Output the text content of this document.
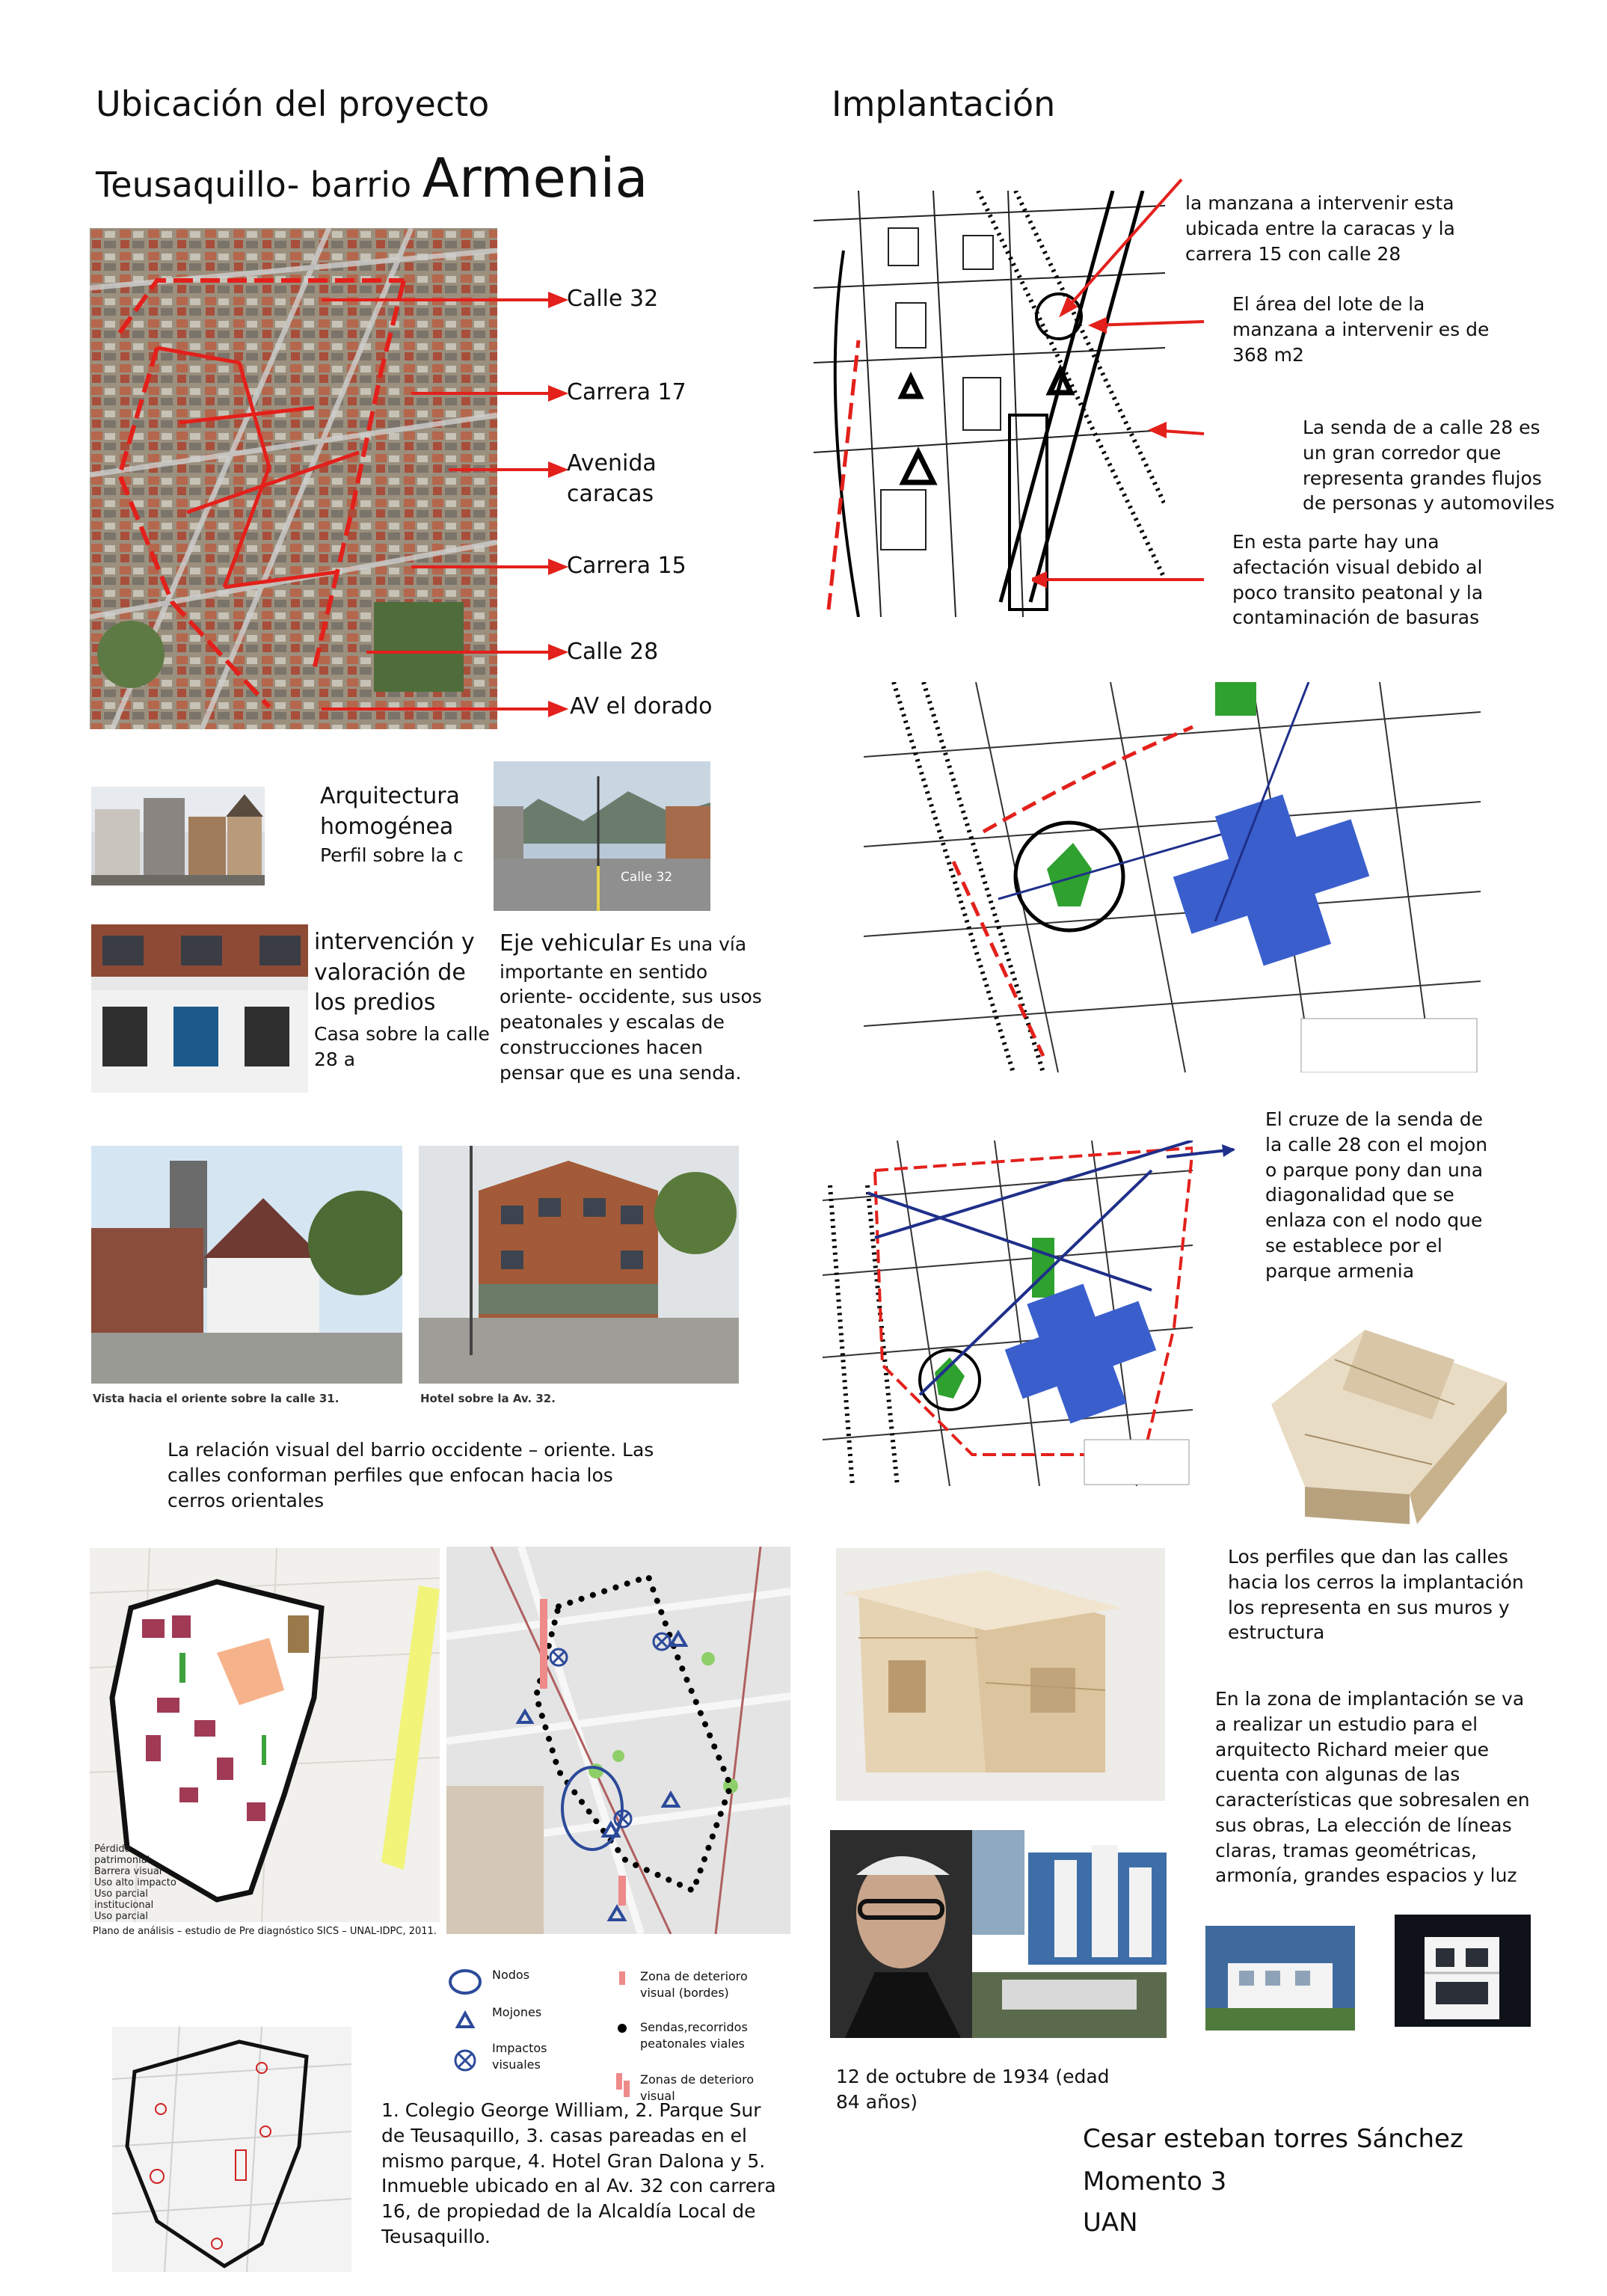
Ubicación del proyecto
Teusaquillo- barrio Armenia
Calle 32
Carrera 17
Avenida caracas
Carrera 15
Calle 28
AV el dorado
Arquitectura homogénea
Perfil sobre la c
Calle 32
intervención y valoración de los predios
Casa sobre la calle 28 a
Eje vehicular Es una vía importante en sentido oriente- occidente, sus usos peatonales y escalas de construcciones hacen pensar que es una senda.
Vista hacia el oriente sobre la calle 31.	Hotel sobre la Av. 32.
La relación visual del barrio occidente – oriente. Las calles conforman perfiles que enfocan hacia los cerros orientales
Pérdida patrimonial
Barrera visual
Uso alto impacto
Uso parcial institucional
Uso parcial
Plano de análisis – estudio de Pre diagnóstico SICS – UNAL-IDPC, 2011.
Nodos
Mojones
Impactos visuales
Zona de deterioro visual (bordes)
Sendas,recorridos peatonales viales
Zonas de deterioro visual
1. Colegio George William, 2. Parque Sur de Teusaquillo, 3. casas pareadas en el mismo parque, 4. Hotel Gran Dalona y 5. Inmueble ubicado en al Av. 32 con carrera 16, de propiedad de la Alcaldía Local de Teusaquillo.
Implantación
la manzana a intervenir esta ubicada entre la caracas y la carrera 15 con calle 28
El área del lote de la manzana a intervenir es de 368 m2
La senda de a calle 28 es un gran corredor que representa grandes flujos de personas y automoviles
En esta parte hay una afectación visual debido al poco transito peatonal y la contaminación de basuras
El cruze de la senda de la calle 28 con el mojon o parque pony dan una diagonalidad que se enlaza con el nodo que se establece por el parque armenia
Los perfiles que dan las calles hacia los cerros la implantación los representa en sus muros y estructura
En la zona de implantación se va a realizar un estudio para el arquitecto Richard meier que cuenta con algunas de las características que sobresalen en sus obras, La elección de líneas claras, tramas geométricas, armonía, grandes espacios y luz
12 de octubre de 1934 (edad 84 años)
Cesar esteban torres Sánchez
Momento 3
UAN
